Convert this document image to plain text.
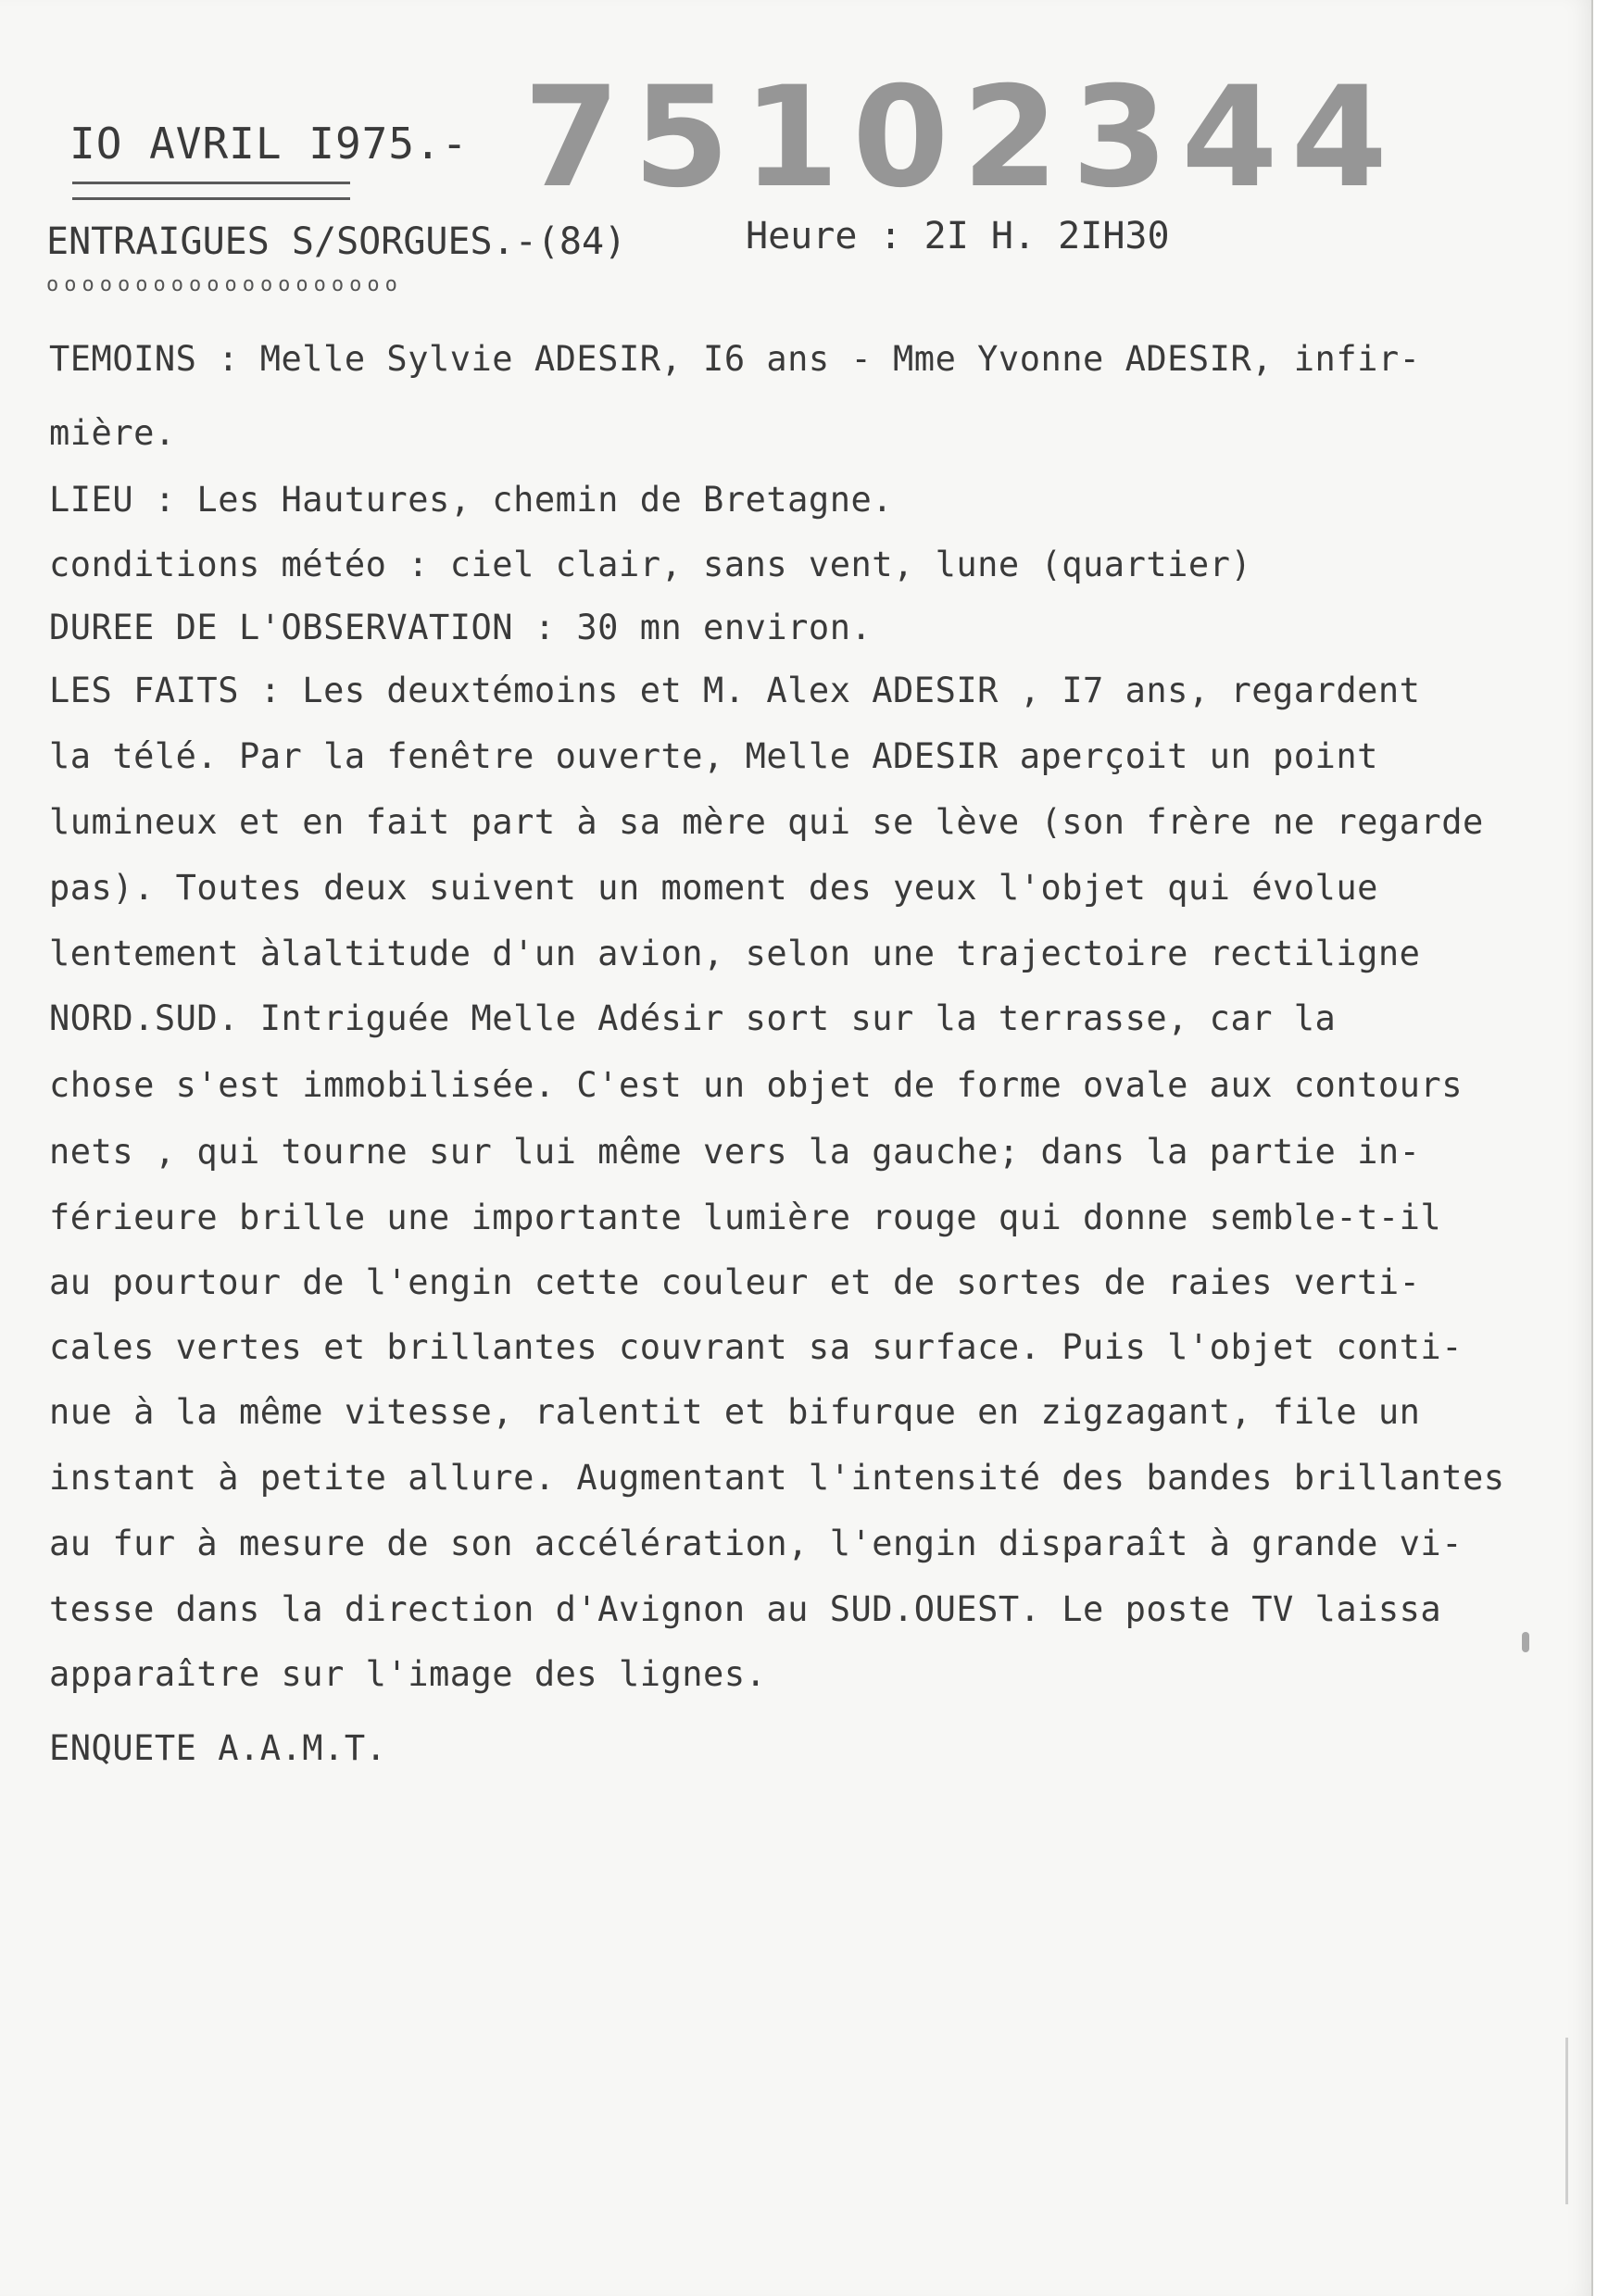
IO AVRIL I975.- 75102344
ENTRAIGUES S/SORGUES.-(84)	Heure : 2I H. 2IH30
oooooooooooooooooooo
TEMOINS : Melle Sylvie ADESIR, I6 ans - Mme Yvonne ADESIR, infir-
mière.
LIEU : Les Hautures, chemin de Bretagne.
conditions météo : ciel clair, sans vent, lune (quartier)
DUREE DE L'OBSERVATION : 30 mn environ.
LES FAITS : Les deuxtémoins et M. Alex ADESIR , I7 ans, regardent
la télé. Par la fenêtre ouverte, Melle ADESIR aperçoit un point
lumineux et en fait part à sa mère qui se lève (son frère ne regarde
pas). Toutes deux suivent un moment des yeux l'objet qui évolue
lentement àlaltitude d'un avion, selon une trajectoire rectiligne
NORD.SUD. Intriguée Melle Adésir sort sur la terrasse, car la
chose s'est immobilisée. C'est un objet de forme ovale aux contours
nets , qui tourne sur lui même vers la gauche; dans la partie in-
férieure brille une importante lumière rouge qui donne semble-t-il
au pourtour de l'engin cette couleur et de sortes de raies verti-
cales vertes et brillantes couvrant sa surface. Puis l'objet conti-
nue à la même vitesse, ralentit et bifurque en zigzagant, file un
instant à petite allure. Augmentant l'intensité des bandes brillantes
au fur à mesure de son accélération, l'engin disparaît à grande vi-
tesse dans la direction d'Avignon au SUD.OUEST. Le poste TV laissa
apparaître sur l'image des lignes.
ENQUETE A.A.M.T.
